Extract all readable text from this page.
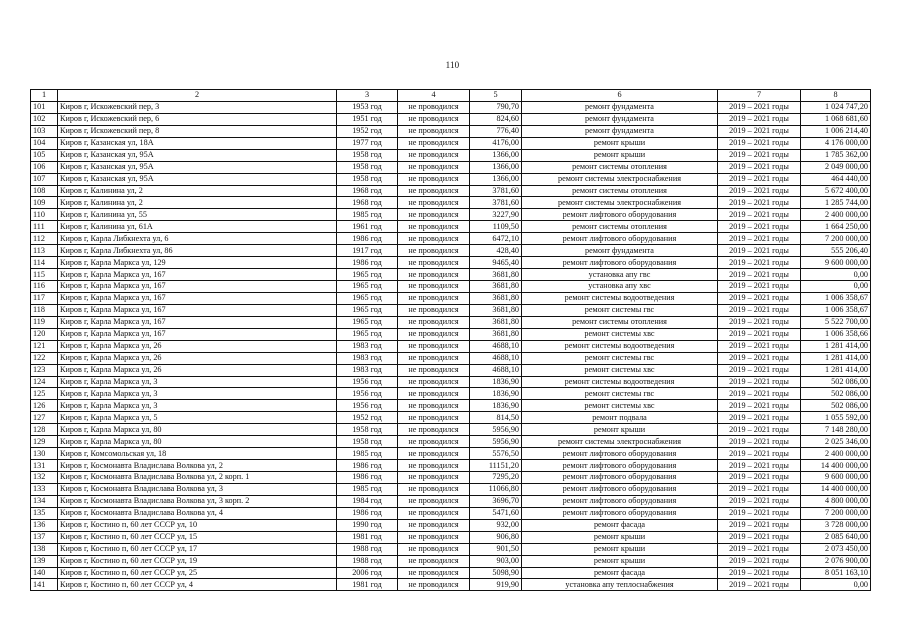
110
1	2	3	4	5	6	7	8
101	Киров г, Искожевский пер, 3	1953 год	не проводился	790,70	ремонт фундамента	2019 – 2021 годы	1 024 747,20
102	Киров г, Искожевский пер, 6	1951 год	не проводился	824,60	ремонт фундамента	2019 – 2021 годы	1 068 681,60
103	Киров г, Искожевский пер, 8	1952 год	не проводился	776,40	ремонт фундамента	2019 – 2021 годы	1 006 214,40
104	Киров г, Казанская ул, 18А	1977 год	не проводился	4176,00	ремонт крыши	2019 – 2021 годы	4 176 000,00
105	Киров г, Казанская ул, 95А	1958 год	не проводился	1366,00	ремонт крыши	2019 – 2021 годы	1 785 362,00
106	Киров г, Казанская ул, 95А	1958 год	не проводился	1366,00	ремонт системы отопления	2019 – 2021 годы	2 049 000,00
107	Киров г, Казанская ул, 95А	1958 год	не проводился	1366,00	ремонт системы электроснабжения	2019 – 2021 годы	464 440,00
108	Киров г, Калинина ул, 2	1968 год	не проводился	3781,60	ремонт системы отопления	2019 – 2021 годы	5 672 400,00
109	Киров г, Калинина ул, 2	1968 год	не проводился	3781,60	ремонт системы электроснабжения	2019 – 2021 годы	1 285 744,00
110	Киров г, Калинина ул, 55	1985 год	не проводился	3227,90	ремонт лифтового оборудования	2019 – 2021 годы	2 400 000,00
111	Киров г, Калинина ул, 61А	1961 год	не проводился	1109,50	ремонт системы отопления	2019 – 2021 годы	1 664 250,00
112	Киров г, Карла Либкнехта ул, 6	1986 год	не проводился	6472,10	ремонт лифтового оборудования	2019 – 2021 годы	7 200 000,00
113	Киров г, Карла Либкнехта ул, 86	1917 год	не проводился	428,40	ремонт фундамента	2019 – 2021 годы	555 206,40
114	Киров г, Карла Маркса ул, 129	1986 год	не проводился	9465,40	ремонт лифтового оборудования	2019 – 2021 годы	9 600 000,00
115	Киров г, Карла Маркса ул, 167	1965 год	не проводился	3681,80	установка апу гвс	2019 – 2021 годы	0,00
116	Киров г, Карла Маркса ул, 167	1965 год	не проводился	3681,80	установка апу хвс	2019 – 2021 годы	0,00
117	Киров г, Карла Маркса ул, 167	1965 год	не проводился	3681,80	ремонт системы водоотведения	2019 – 2021 годы	1 006 358,67
118	Киров г, Карла Маркса ул, 167	1965 год	не проводился	3681,80	ремонт системы гвс	2019 – 2021 годы	1 006 358,67
119	Киров г, Карла Маркса ул, 167	1965 год	не проводился	3681,80	ремонт системы отопления	2019 – 2021 годы	5 522 700,00
120	Киров г, Карла Маркса ул, 167	1965 год	не проводился	3681,80	ремонт системы хвс	2019 – 2021 годы	1 006 358,66
121	Киров г, Карла Маркса ул, 26	1983 год	не проводился	4688,10	ремонт системы водоотведения	2019 – 2021 годы	1 281 414,00
122	Киров г, Карла Маркса ул, 26	1983 год	не проводился	4688,10	ремонт системы гвс	2019 – 2021 годы	1 281 414,00
123	Киров г, Карла Маркса ул, 26	1983 год	не проводился	4688,10	ремонт системы хвс	2019 – 2021 годы	1 281 414,00
124	Киров г, Карла Маркса ул, 3	1956 год	не проводился	1836,90	ремонт системы водоотведения	2019 – 2021 годы	502 086,00
125	Киров г, Карла Маркса ул, 3	1956 год	не проводился	1836,90	ремонт системы гвс	2019 – 2021 годы	502 086,00
126	Киров г, Карла Маркса ул, 3	1956 год	не проводился	1836,90	ремонт системы хвс	2019 – 2021 годы	502 086,00
127	Киров г, Карла Маркса ул, 5	1952 год	не проводился	814,50	ремонт подвала	2019 – 2021 годы	1 055 592,00
128	Киров г, Карла Маркса ул, 80	1958 год	не проводился	5956,90	ремонт крыши	2019 – 2021 годы	7 148 280,00
129	Киров г, Карла Маркса ул, 80	1958 год	не проводился	5956,90	ремонт системы электроснабжения	2019 – 2021 годы	2 025 346,00
130	Киров г, Комсомольская ул, 18	1985 год	не проводился	5576,50	ремонт лифтового оборудования	2019 – 2021 годы	2 400 000,00
131	Киров г, Космонавта Владислава Волкова ул, 2	1986 год	не проводился	11151,20	ремонт лифтового оборудования	2019 – 2021 годы	14 400 000,00
132	Киров г, Космонавта Владислава Волкова ул, 2 корп. 1	1986 год	не проводился	7295,20	ремонт лифтового оборудования	2019 – 2021 годы	9 600 000,00
133	Киров г, Космонавта Владислава Волкова ул, 3	1985 год	не проводился	11066,80	ремонт лифтового оборудования	2019 – 2021 годы	14 400 000,00
134	Киров г, Космонавта Владислава Волкова ул, 3 корп. 2	1984 год	не проводился	3696,70	ремонт лифтового оборудования	2019 – 2021 годы	4 800 000,00
135	Киров г, Космонавта Владислава Волкова ул, 4	1986 год	не проводился	5471,60	ремонт лифтового оборудования	2019 – 2021 годы	7 200 000,00
136	Киров г, Костино п, 60 лет СССР ул, 10	1990 год	не проводился	932,00	ремонт фасада	2019 – 2021 годы	3 728 000,00
137	Киров г, Костино п, 60 лет СССР ул, 15	1981 год	не проводился	906,80	ремонт крыши	2019 – 2021 годы	2 085 640,00
138	Киров г, Костино п, 60 лет СССР ул, 17	1988 год	не проводился	901,50	ремонт крыши	2019 – 2021 годы	2 073 450,00
139	Киров г, Костино п, 60 лет СССР ул, 19	1988 год	не проводился	903,00	ремонт крыши	2019 – 2021 годы	2 076 900,00
140	Киров г, Костино п, 60 лет СССР ул, 25	2006 год	не проводился	5098,90	ремонт фасада	2019 – 2021 годы	8 051 163,10
141	Киров г, Костино п, 60 лет СССР ул, 4	1981 год	не проводился	919,90	установка апу теплоснабжения	2019 – 2021 годы	0,00
